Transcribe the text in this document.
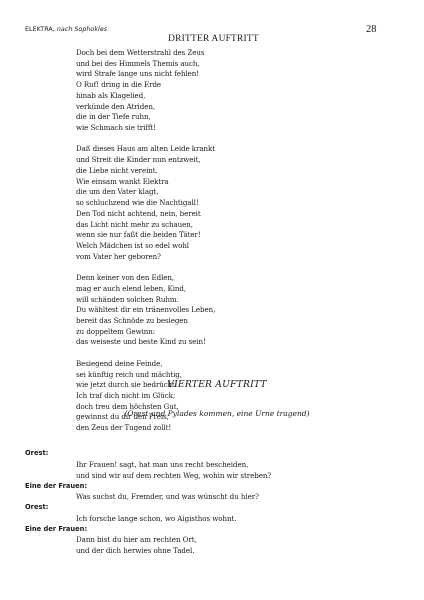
ELEKTRA, nach Sophokles	28
DRITTER AUFTRITT
Doch bei dem Wetterstrahl des Zeus
und bei des Himmels Themis auch,
wird Strafe lange uns nicht fehlen!
O Ruf! dring in die Erde
hinab als Klagelied,
verkünde den Atriden,
die in der Tiefe ruhn,
wie Schmach sie trifft!
Daß dieses Haus am alten Leide krankt
und Streit die Kinder nun entzweit,
die Liebe nicht vereint.
Wie einsam wankt Elektra
die um den Vater klagt,
so schluchzend wie die Nachtigall!
Den Tod nicht achtend, nein, bereit
das Licht nicht mehr zu schauen,
wenn sie nur faßt die beiden Täter!
Welch Mädchen ist so edel wohl
vom Vater her geboren?
Denn keiner von den Edlen,
mag er auch elend leben, Kind,
will schänden solchen Ruhm.
Du wähltest dir ein tränenvolles Leben,
bereit das Schnöde zu besiegen
zu doppeltem Gewinn:
das weiseste und beste Kind zu sein!
Besiegend deine Feinde,
sei künftig reich und mächtig,
wie jetzt durch sie bedrückt!
Ich traf dich nicht im Glück;
doch treu dem höchsten Gut,
gewinnst du dir den Preis,
den Zeus der Tugend zollt!
VIERTER AUFTRITT
(Orest und Pylades kommen, eine Urne tragend)
Orest:
Ihr Frauen! sagt, hat man uns recht bescheiden,
und sind wir auf dem rechten Weg, wohin wir streben?
Eine der Frauen:
Was suchst du, Fremder, und was wünscht du hier?
Orest:
Ich forsche lange schon, wo Aigisthos wohnt.
Eine der Frauen:
Dann bist du hier am rechten Ort,
und der dich herwies ohne Tadel.
